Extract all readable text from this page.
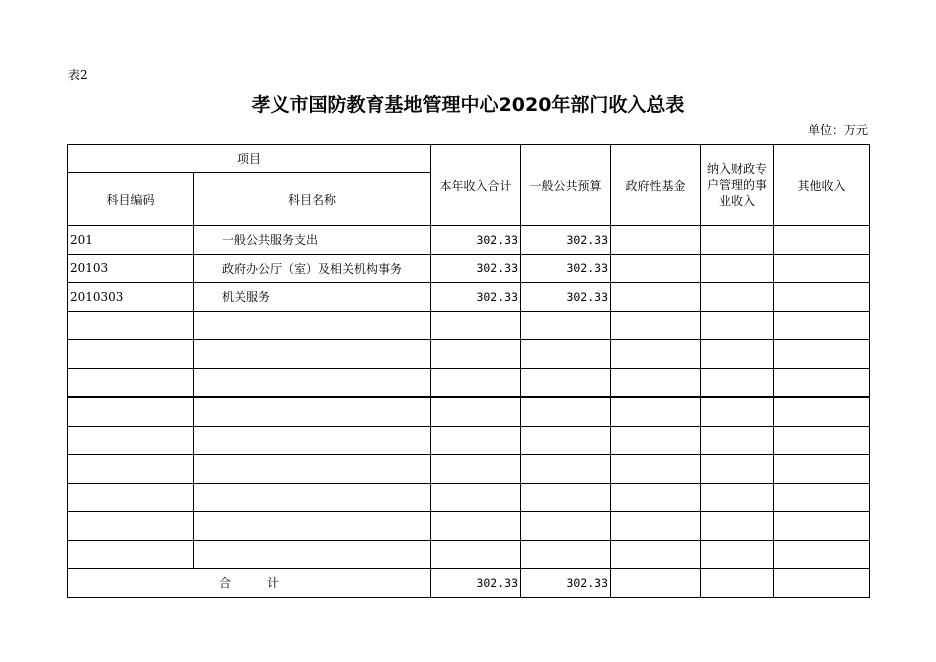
表2
孝义市国防教育基地管理中心2020年部门收入总表
单位：万元
项目		本年收入合计	一般公共预算	政府性基金	纳入财政专户管理的事业收入	其他收入
科目编码	科目名称					
201	一般公共服务支出	302.33	302.33			
20103	政府办公厅（室）及相关机构事务	302.33	302.33			
2010303	机关服务	302.33	302.33			

合　　　计		302.33	302.33			
